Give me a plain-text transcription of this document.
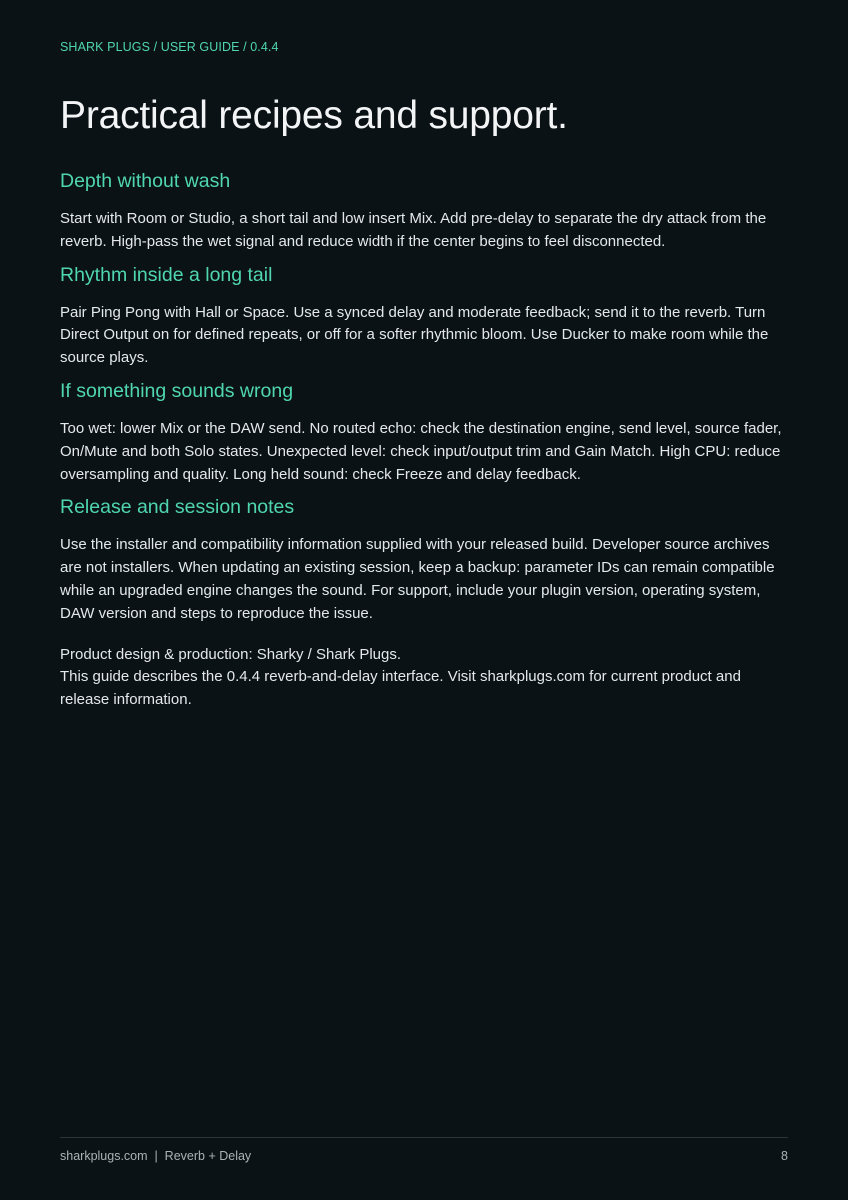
SHARK PLUGS / USER GUIDE / 0.4.4
Practical recipes and support.
Depth without wash

Start with Room or Studio, a short tail and low insert Mix. Add pre-delay to separate the dry attack from the reverb. High-pass the wet signal and reduce width if the center begins to feel disconnected.

Rhythm inside a long tail

Pair Ping Pong with Hall or Space. Use a synced delay and moderate feedback; send it to the reverb. Turn Direct Output on for defined repeats, or off for a softer rhythmic bloom. Use Ducker to make room while the source plays.

If something sounds wrong

Too wet: lower Mix or the DAW send. No routed echo: check the destination engine, send level, source fader, On/Mute and both Solo states. Unexpected level: check input/output trim and Gain Match. High CPU: reduce oversampling and quality. Long held sound: check Freeze and delay feedback.

Release and session notes

Use the installer and compatibility information supplied with your released build. Developer source archives are not installers. When updating an existing session, keep a backup: parameter IDs can remain compatible while an upgraded engine changes the sound. For support, include your plugin version, operating system, DAW version and steps to reproduce the issue.

Product design & production: Sharky / Shark Plugs.

This guide describes the 0.4.4 reverb-and-delay interface. Visit sharkplugs.com for current product and release information.

sharkplugs.com  |  Reverb + Delay	8
